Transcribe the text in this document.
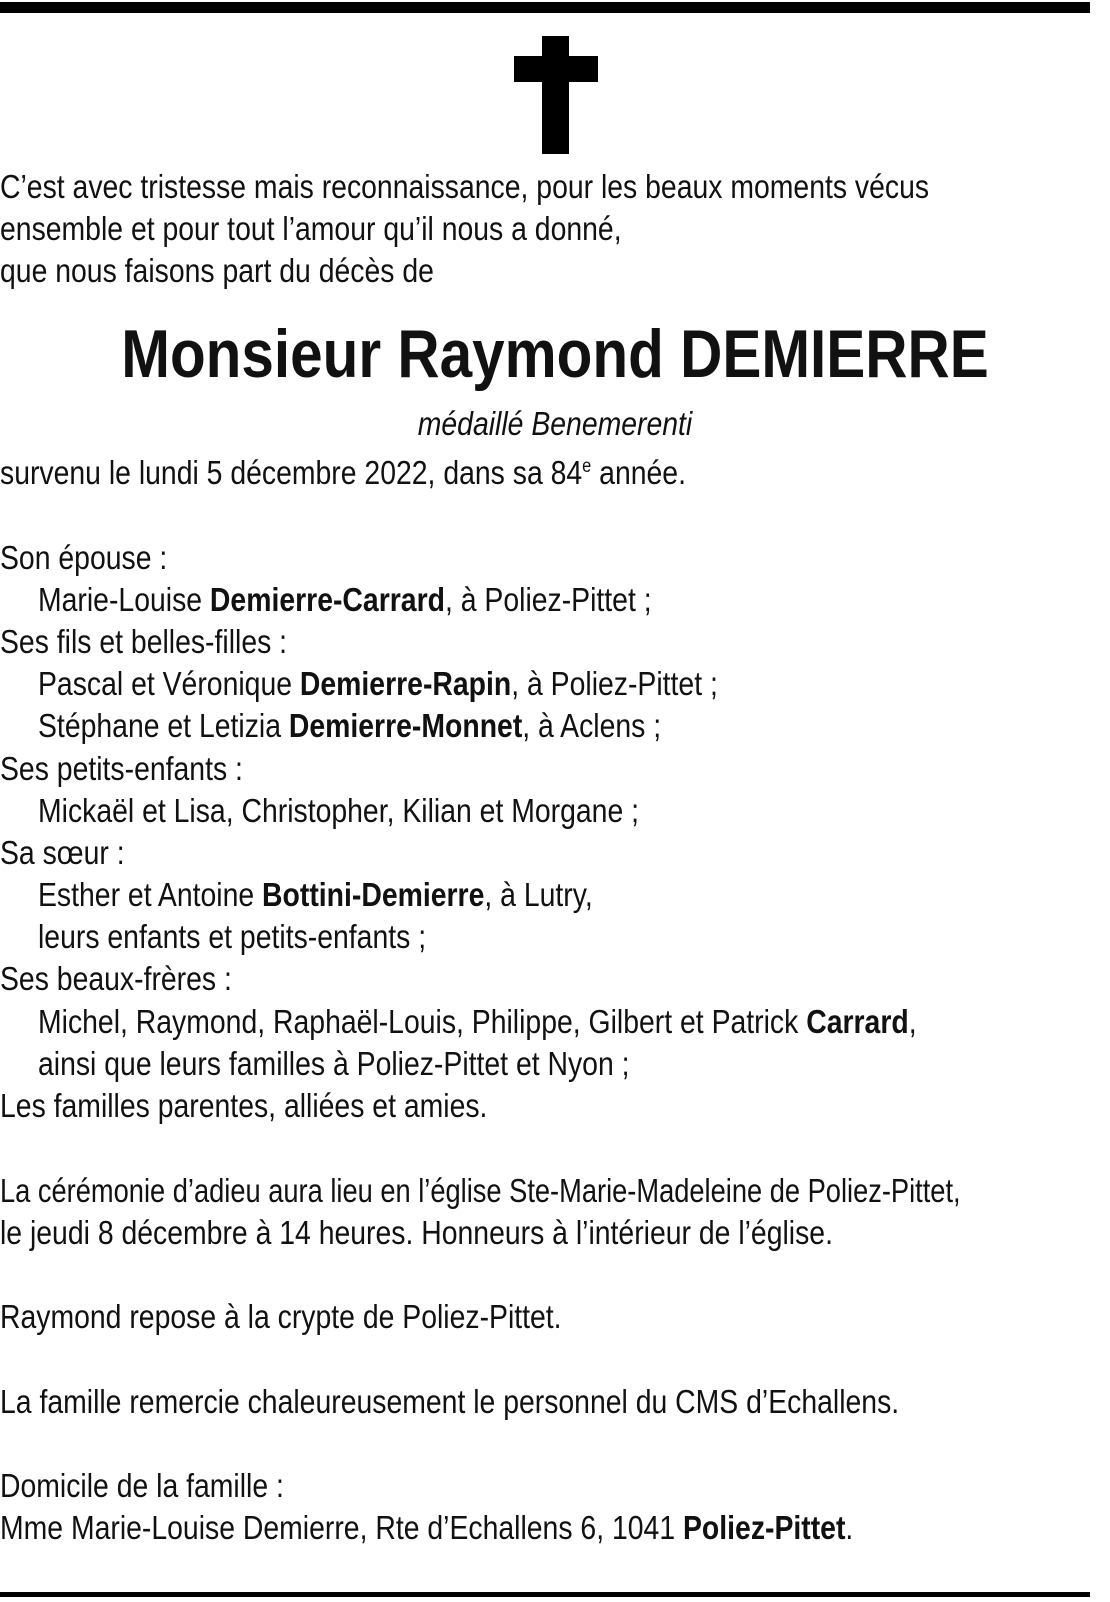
C’est avec tristesse mais reconnaissance, pour les beaux moments vécus

ensemble et pour tout l’amour qu’il nous a donné,

que nous faisons part du décès de

Monsieur Raymond DEMIERRE

médaillé Benemerenti

survenu le lundi 5 décembre 2022, dans sa 84e année.

Son épouse :

Marie-Louise Demierre-Carrard, à Poliez-Pittet ;

Ses fils et belles-filles :

Pascal et Véronique Demierre-Rapin, à Poliez-Pittet ;

Stéphane et Letizia Demierre-Monnet, à Aclens ;

Ses petits-enfants :

Mickaël et Lisa, Christopher, Kilian et Morgane ;

Sa sœur :

Esther et Antoine Bottini-Demierre, à Lutry,

leurs enfants et petits-enfants ;

Ses beaux-frères :

Michel, Raymond, Raphaël-Louis, Philippe, Gilbert et Patrick Carrard,

ainsi que leurs familles à Poliez-Pittet et Nyon ;

Les familles parentes, alliées et amies.

La cérémonie d’adieu aura lieu en l’église Ste-Marie-Madeleine de Poliez-Pittet,

le jeudi 8 décembre à 14 heures. Honneurs à l’intérieur de l’église.

Raymond repose à la crypte de Poliez-Pittet.

La famille remercie chaleureusement le personnel du CMS d’Echallens.

Domicile de la famille :

Mme Marie-Louise Demierre, Rte d’Echallens 6, 1041 Poliez-Pittet.
